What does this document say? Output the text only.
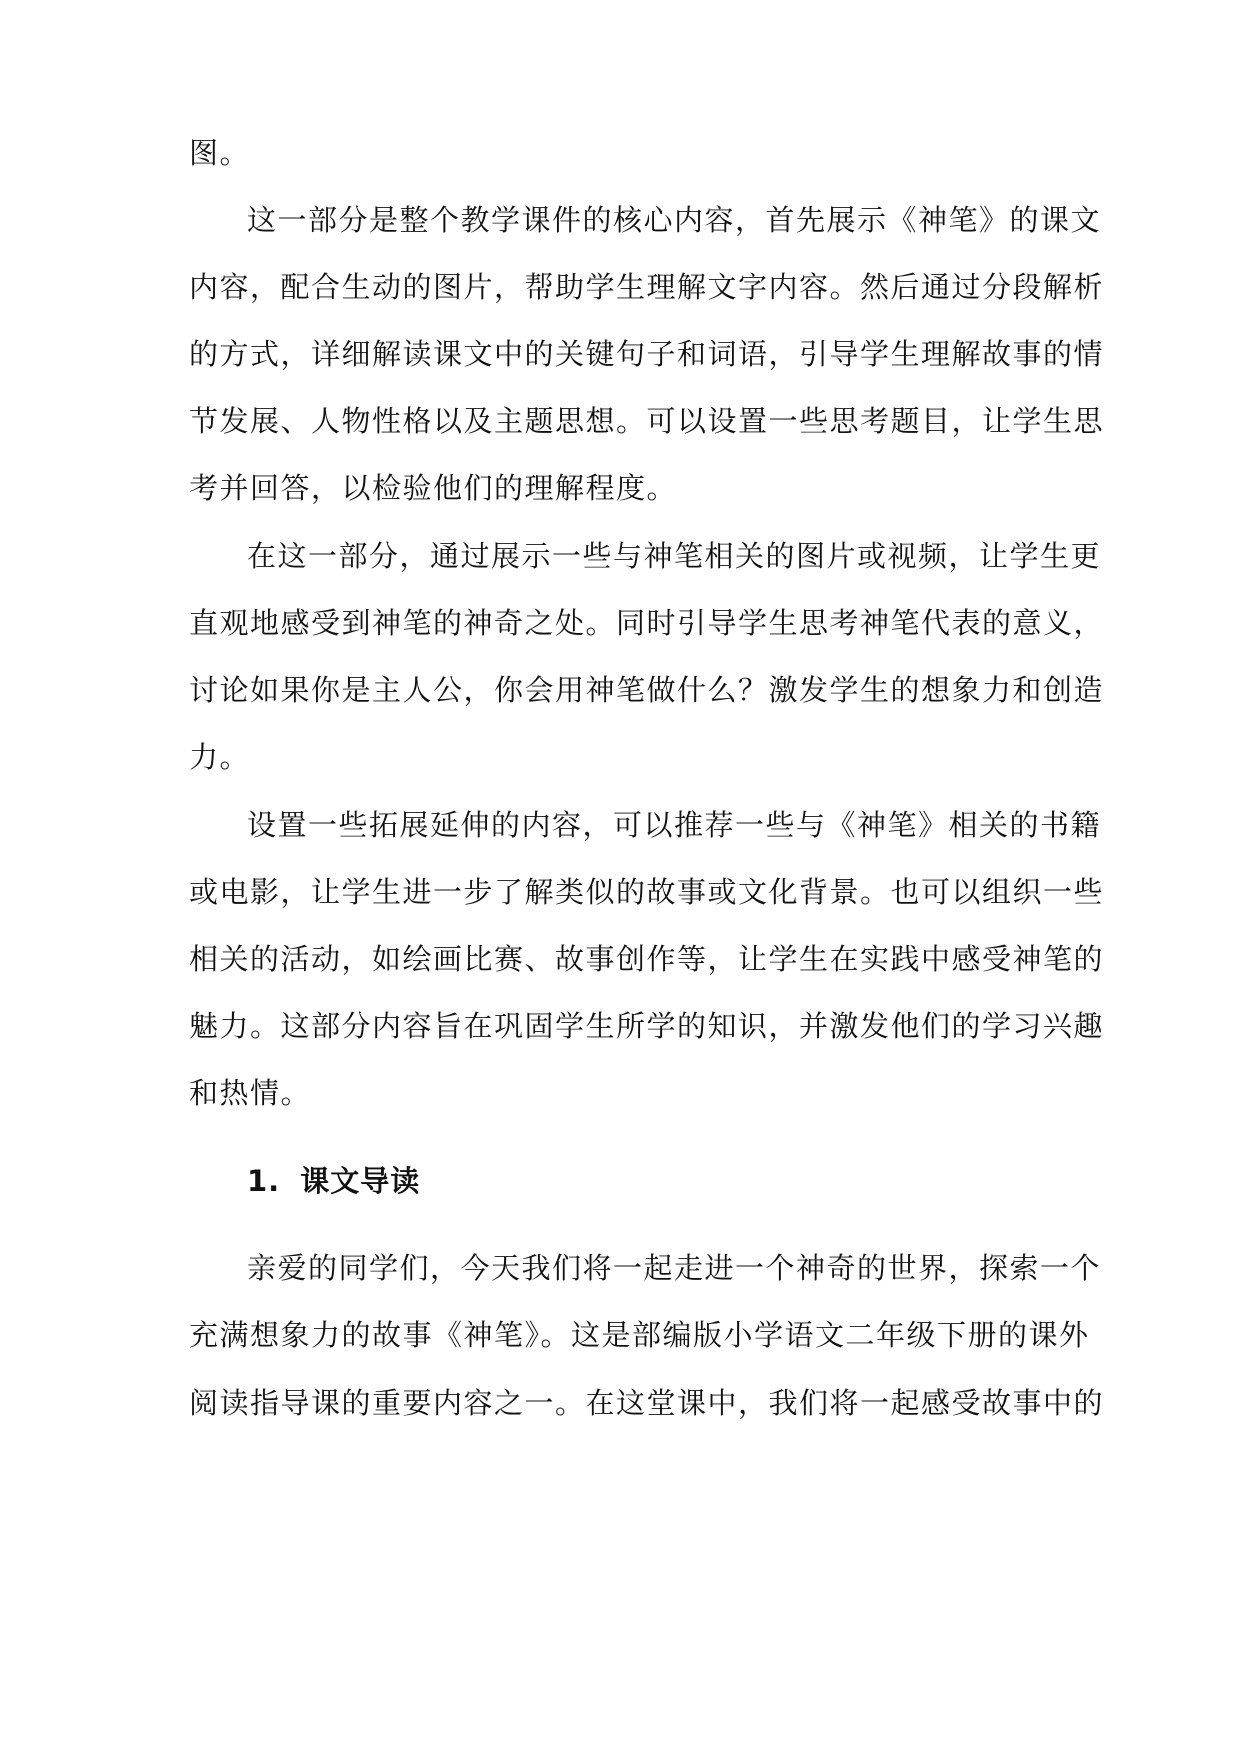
图。
这一部分是整个教学课件的核心内容，首先展示《神笔》的课文
内容，配合生动的图片，帮助学生理解文字内容。然后通过分段解析
的方式，详细解读课文中的关键句子和词语，引导学生理解故事的情
节发展、人物性格以及主题思想。可以设置一些思考题目，让学生思
考并回答，以检验他们的理解程度。
在这一部分，通过展示一些与神笔相关的图片或视频，让学生更
直观地感受到神笔的神奇之处。同时引导学生思考神笔代表的意义，
讨论如果你是主人公，你会用神笔做什么？激发学生的想象力和创造
力。
设置一些拓展延伸的内容，可以推荐一些与《神笔》相关的书籍
或电影，让学生进一步了解类似的故事或文化背景。也可以组织一些
相关的活动，如绘画比赛、故事创作等，让学生在实践中感受神笔的
魅力。这部分内容旨在巩固学生所学的知识，并激发他们的学习兴趣
和热情。
1. 课文导读
亲爱的同学们，今天我们将一起走进一个神奇的世界，探索一个
充满想象力的故事《神笔》。这是部编版小学语文二年级下册的课外
阅读指导课的重要内容之一。在这堂课中，我们将一起感受故事中的
